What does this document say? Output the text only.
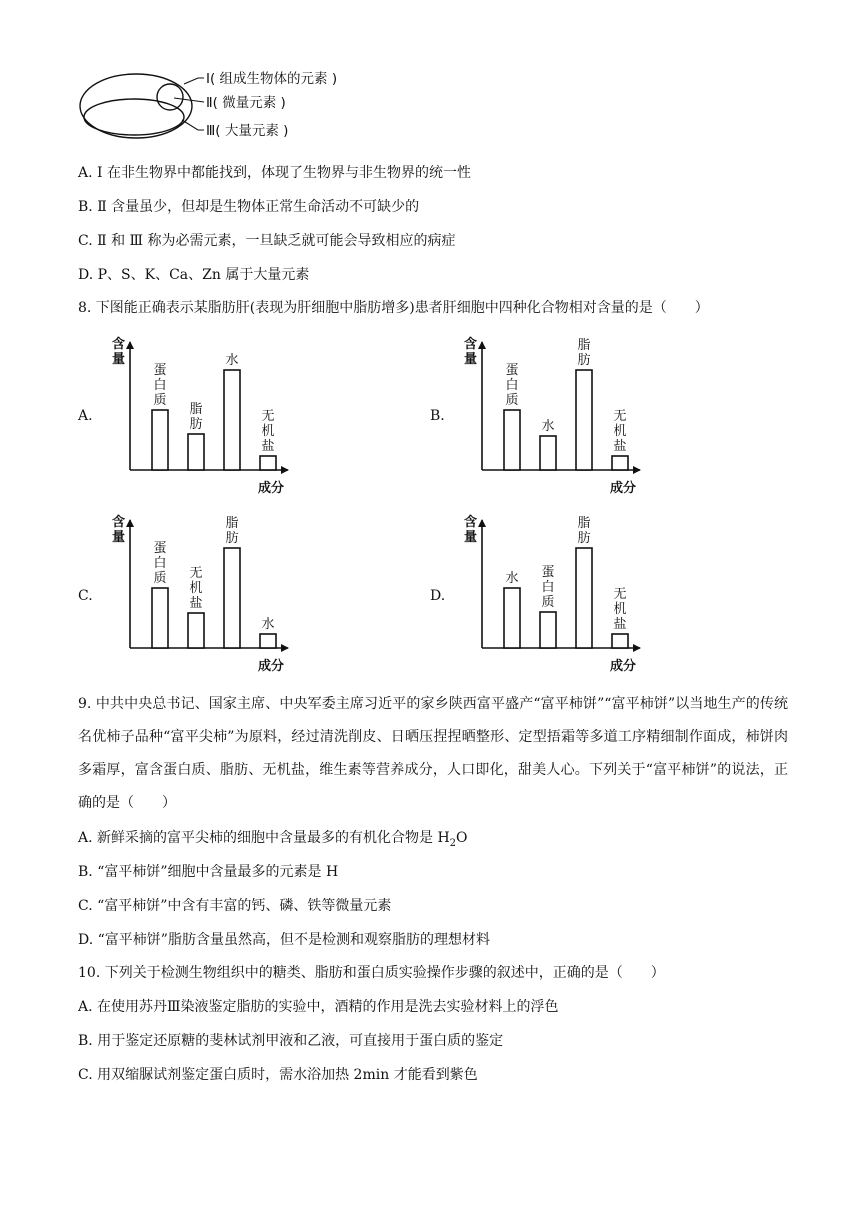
Ⅰ( 组成生物体的元素 )
Ⅱ( 微量元素 )
Ⅲ( 大量元素 )
A. Ⅰ 在非生物界中都能找到，体现了生物界与非生物界的统一性
B. Ⅱ 含量虽少，但却是生物体正常生命活动不可缺少的
C. Ⅱ 和 Ⅲ 称为必需元素，一旦缺乏就可能会导致相应的病症
D. P、S、K、Ca、Zn 属于大量元素
8. 下图能正确表示某脂肪肝(表现为肝细胞中脂肪增多)患者肝细胞中四种化合物相对含量的是（　　）
A.	B.
C.	D.
含量
成分
蛋白质
脂肪
水
无机盐
含量
成分
蛋白质
水
脂肪
无机盐
含量
成分
蛋白质 无机盐
脂肪
水
含量
成分
水 蛋白质
脂肪
无机盐
9. 中共中央总书记、国家主席、中央军委主席习近平的家乡陕西富平盛产“富平柿饼”“富平柿饼”以当地生产的传统名优柿子品种“富平尖柿”为原料，经过清洗削皮、日晒压捏捏晒整形、定型捂霜等多道工序精细制作面成，柿饼肉多霜厚，富含蛋白质、脂肪、无机盐，维生素等营养成分，人口即化，甜美人心。下列关于“富平柿饼”的说法，正确的是（　　）
A. 新鲜采摘的富平尖柿的细胞中含量最多的有机化合物是 $H_2O$
B. “富平柿饼”细胞中含量最多的元素是 H
C. “富平柿饼”中含有丰富的钙、磷、铁等微量元素
D. “富平柿饼”脂肪含量虽然高，但不是检测和观察脂肪的理想材料
10. 下列关于检测生物组织中的糖类、脂肪和蛋白质实验操作步骤的叙述中，正确的是（　　）
A. 在使用苏丹Ⅲ染液鉴定脂肪的实验中，酒精的作用是洗去实验材料上的浮色
B. 用于鉴定还原糖的斐林试剂甲液和乙液，可直接用于蛋白质的鉴定
C. 用双缩脲试剂鉴定蛋白质时，需水浴加热 2min 才能看到紫色
